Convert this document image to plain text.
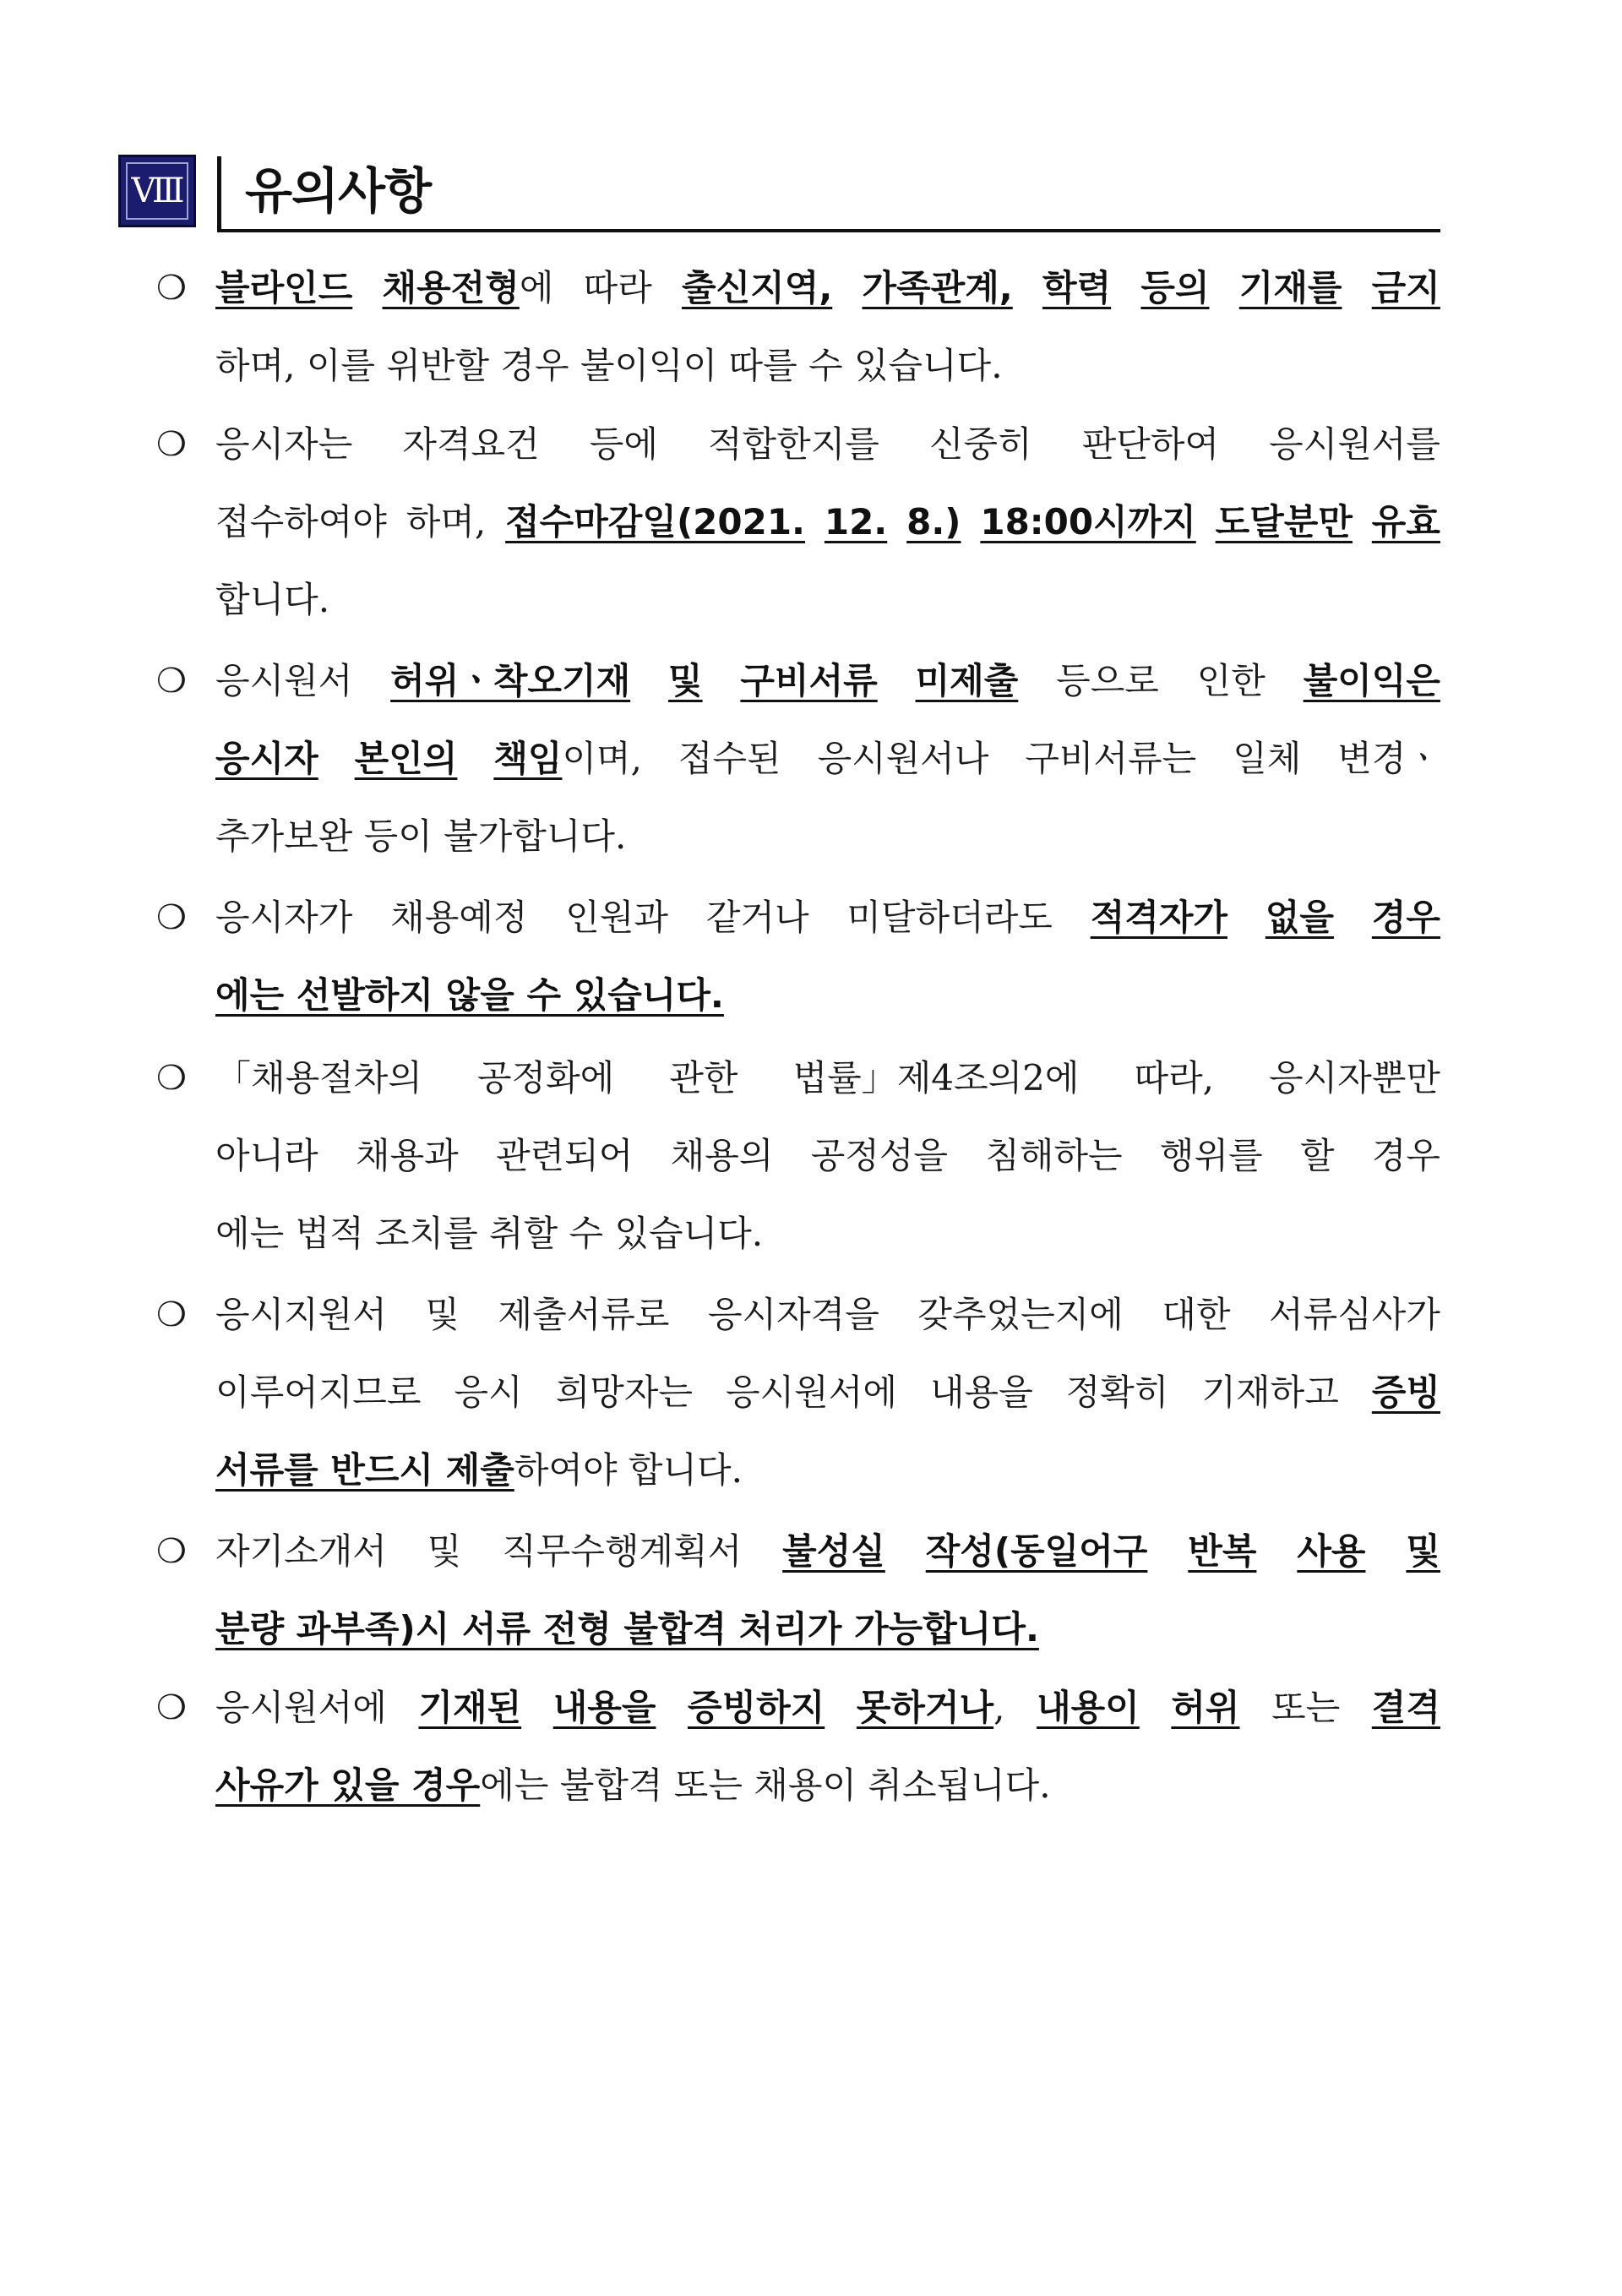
Ⅷ 유의사항
❍ 블라인드 채용전형에 따라 출신지역, 가족관계, 학력 등의 기재를 금지
하며, 이를 위반할 경우 불이익이 따를 수 있습니다.
❍ 응시자는 자격요건 등에 적합한지를 신중히 판단하여 응시원서를
접수하여야 하며, 접수마감일(2021. 12. 8.) 18:00시까지 도달분만 유효
합니다.
❍ 응시원서 허위ㆍ착오기재 및 구비서류 미제출 등으로 인한 불이익은
응시자 본인의 책임이며, 접수된 응시원서나 구비서류는 일체 변경ㆍ
추가보완 등이 불가합니다.
❍ 응시자가 채용예정 인원과 같거나 미달하더라도 적격자가 없을 경우
에는 선발하지 않을 수 있습니다.
❍ 「채용절차의 공정화에 관한 법률」제4조의2에 따라, 응시자뿐만
아니라 채용과 관련되어 채용의 공정성을 침해하는 행위를 할 경우
에는 법적 조치를 취할 수 있습니다.
❍ 응시지원서 및 제출서류로 응시자격을 갖추었는지에 대한 서류심사가
이루어지므로 응시 희망자는 응시원서에 내용을 정확히 기재하고 증빙
서류를 반드시 제출 하여야 합니다.
❍ 자기소개서 및 직무수행계획서 불성실 작성(동일어구 반복 사용 및
분량 과부족)시 서류 전형 불합격 처리가 가능합니다.
❍ 응시원서에 기재된 내용을 증빙하지 못하거나, 내용이 허위 또는 결격
사유가 있을 경우 에는 불합격 또는 채용이 취소됩니다.
